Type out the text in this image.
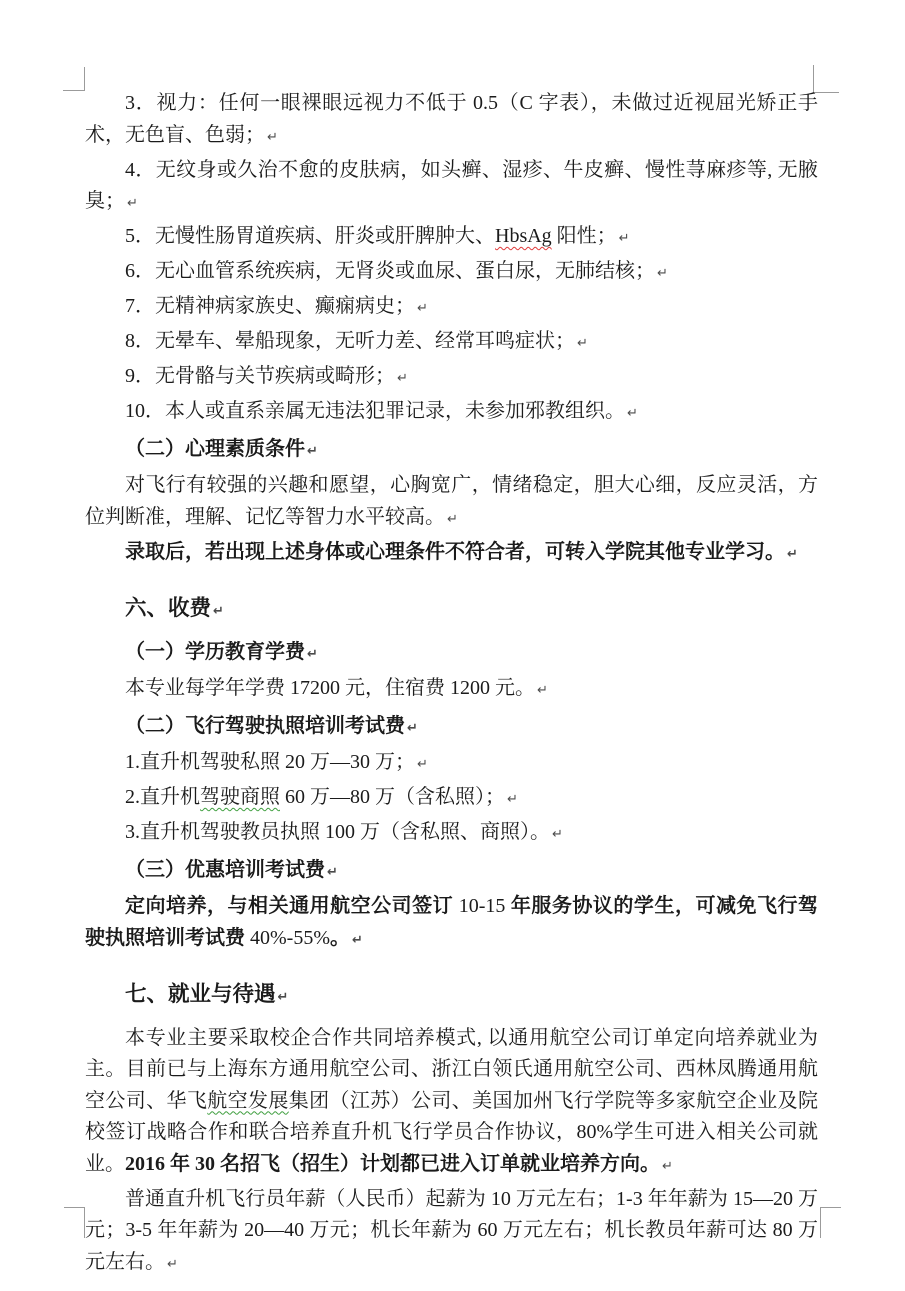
3．视力：任何一眼裸眼远视力不低于 0.5（C 字表），未做过近视屈光矫正手术，无色盲、色弱； ↵

4．无纹身或久治不愈的皮肤病，如头癣、湿疹、牛皮癣、慢性荨麻疹等, 无腋臭； ↵

5．无慢性肠胃道疾病、肝炎或肝脾肿大、HbsAg 阳性； ↵

6．无心血管系统疾病，无肾炎或血尿、蛋白尿，无肺结核； ↵

7．无精神病家族史、癫痫病史； ↵

8．无晕车、晕船现象，无听力差、经常耳鸣症状； ↵

9．无骨骼与关节疾病或畸形； ↵

10．本人或直系亲属无违法犯罪记录，未参加邪教组织。 ↵

（二）心理素质条件 ↵

对飞行有较强的兴趣和愿望，心胸宽广，情绪稳定，胆大心细，反应灵活，方位判断准，理解、记忆等智力水平较高。 ↵

录取后，若出现上述身体或心理条件不符合者，可转入学院其他专业学习。 ↵

六、收费 ↵

（一）学历教育学费 ↵

本专业每学年学费 17200 元，住宿费 1200 元。 ↵

（二）飞行驾驶执照培训考试费 ↵

1.直升机驾驶私照 20 万—30 万； ↵

2.直升机驾驶商照 60 万—80 万（含私照）； ↵

3.直升机驾驶教员执照 100 万（含私照、商照）。 ↵

（三）优惠培训考试费 ↵

定向培养，与相关通用航空公司签订 10-15 年服务协议的学生，可减免飞行驾驶执照培训考试费 40%-55%。 ↵

七、就业与待遇 ↵

本专业主要采取校企合作共同培养模式, 以通用航空公司订单定向培养就业为主。目前已与上海东方通用航空公司、浙江白领氏通用航空公司、西林凤腾通用航空公司、华飞航空发展集团（江苏）公司、美国加州飞行学院等多家航空企业及院校签订战略合作和联合培养直升机飞行学员合作协议，80%学生可进入相关公司就业。2016 年 30 名招飞（招生）计划都已进入订单就业培养方向。 ↵

普通直升机飞行员年薪（人民币）起薪为 10 万元左右；1-3 年年薪为 15—20 万元；3-5 年年薪为 20—40 万元；机长年薪为 60 万元左右；机长教员年薪可达 80 万元左右。 ↵
